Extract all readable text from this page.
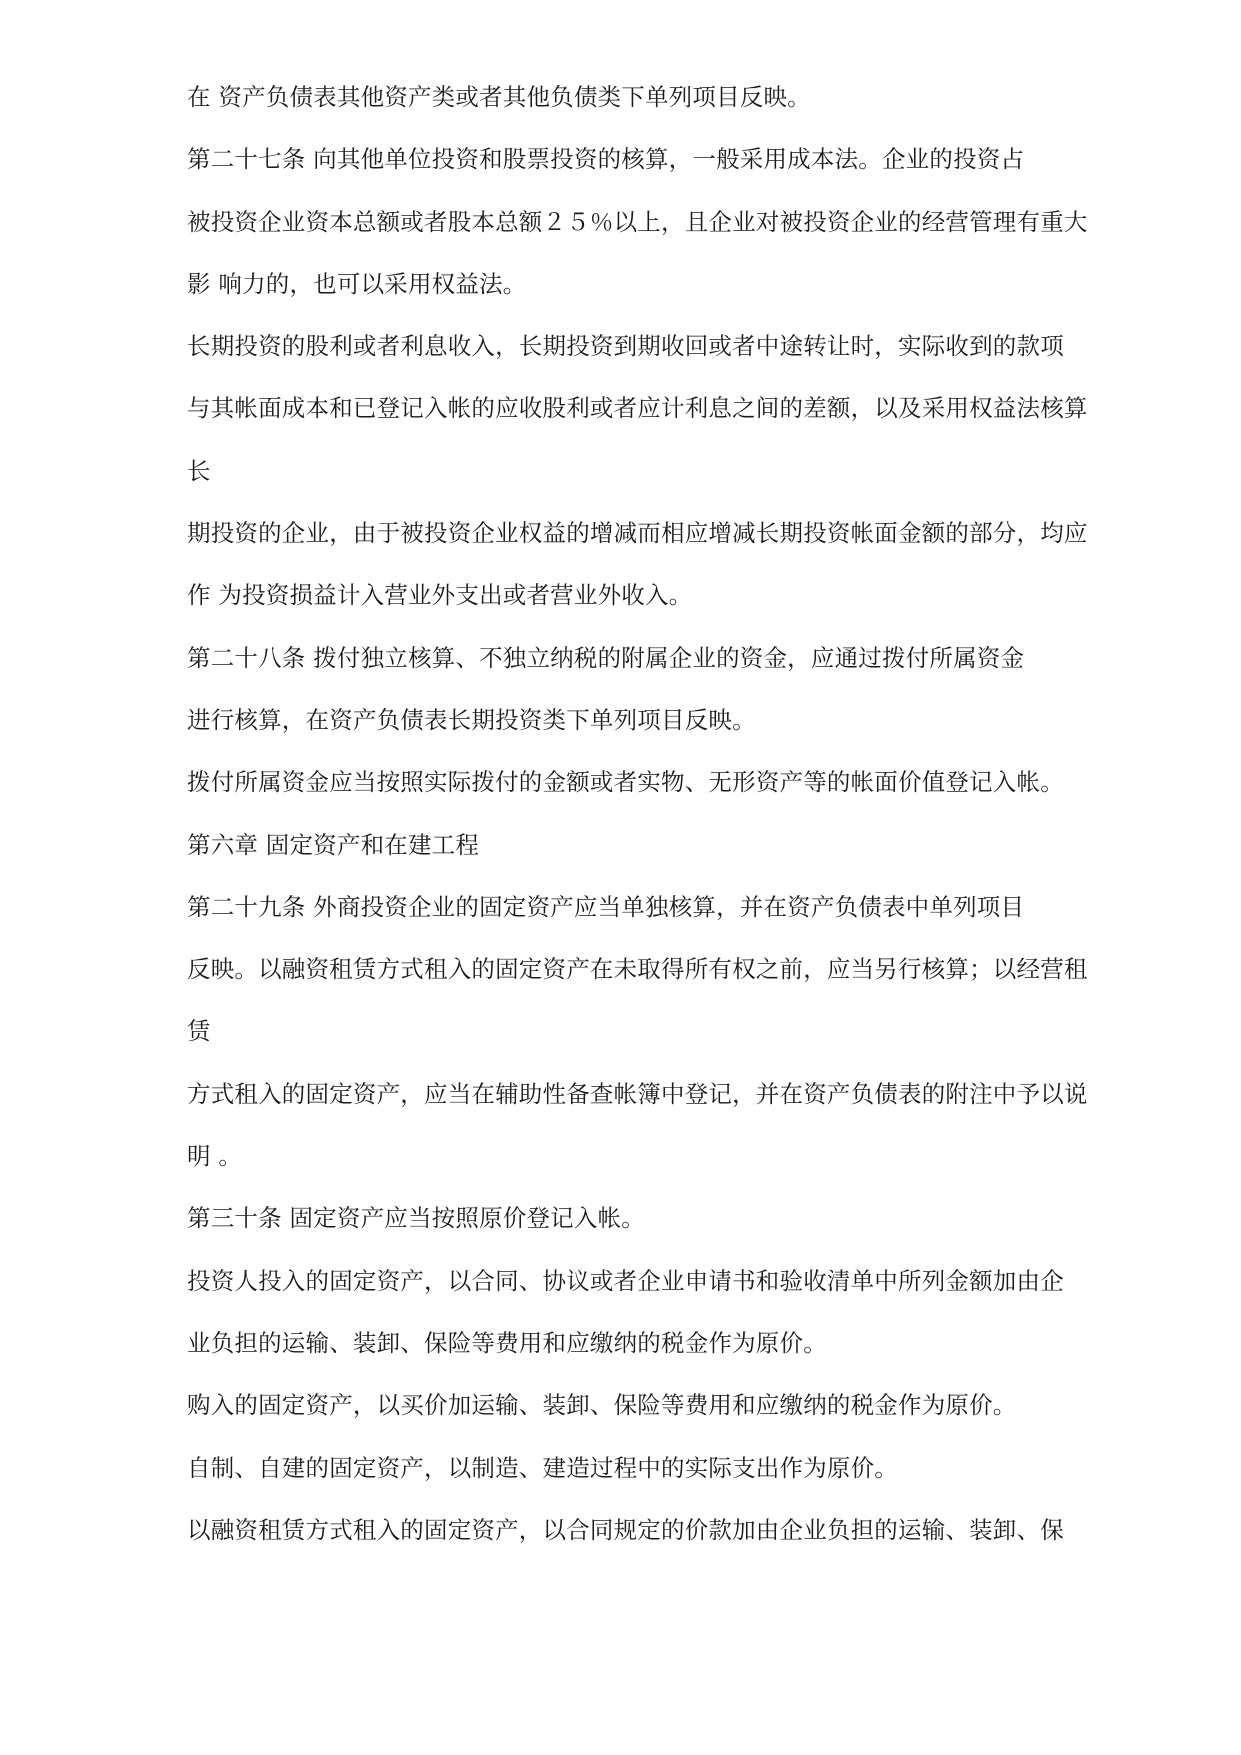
在 资产负债表其他资产类或者其他负债类下单列项目反映。
第二十七条 向其他单位投资和股票投资的核算，一般采用成本法。企业的投资占
被投资企业资本总额或者股本总额２５％以上，且企业对被投资企业的经营管理有重大
影 响力的，也可以采用权益法。
长期投资的股利或者利息收入，长期投资到期收回或者中途转让时，实际收到的款项
与其帐面成本和已登记入帐的应收股利或者应计利息之间的差额，以及采用权益法核算
长
期投资的企业，由于被投资企业权益的增减而相应增减长期投资帐面金额的部分，均应
作 为投资损益计入营业外支出或者营业外收入。
第二十八条 拨付独立核算、不独立纳税的附属企业的资金，应通过拨付所属资金
进行核算，在资产负债表长期投资类下单列项目反映。
拨付所属资金应当按照实际拨付的金额或者实物、无形资产等的帐面价值登记入帐。
第六章 固定资产和在建工程
第二十九条 外商投资企业的固定资产应当单独核算，并在资产负债表中单列项目
反映。以融资租赁方式租入的固定资产在未取得所有权之前，应当另行核算；以经营租
赁
方式租入的固定资产，应当在辅助性备查帐簿中登记，并在资产负债表的附注中予以说
明 。
第三十条 固定资产应当按照原价登记入帐。
投资人投入的固定资产，以合同、协议或者企业申请书和验收清单中所列金额加由企
业负担的运输、装卸、保险等费用和应缴纳的税金作为原价。
购入的固定资产，以买价加运输、装卸、保险等费用和应缴纳的税金作为原价。
自制、自建的固定资产，以制造、建造过程中的实际支出作为原价。
以融资租赁方式租入的固定资产，以合同规定的价款加由企业负担的运输、装卸、保
